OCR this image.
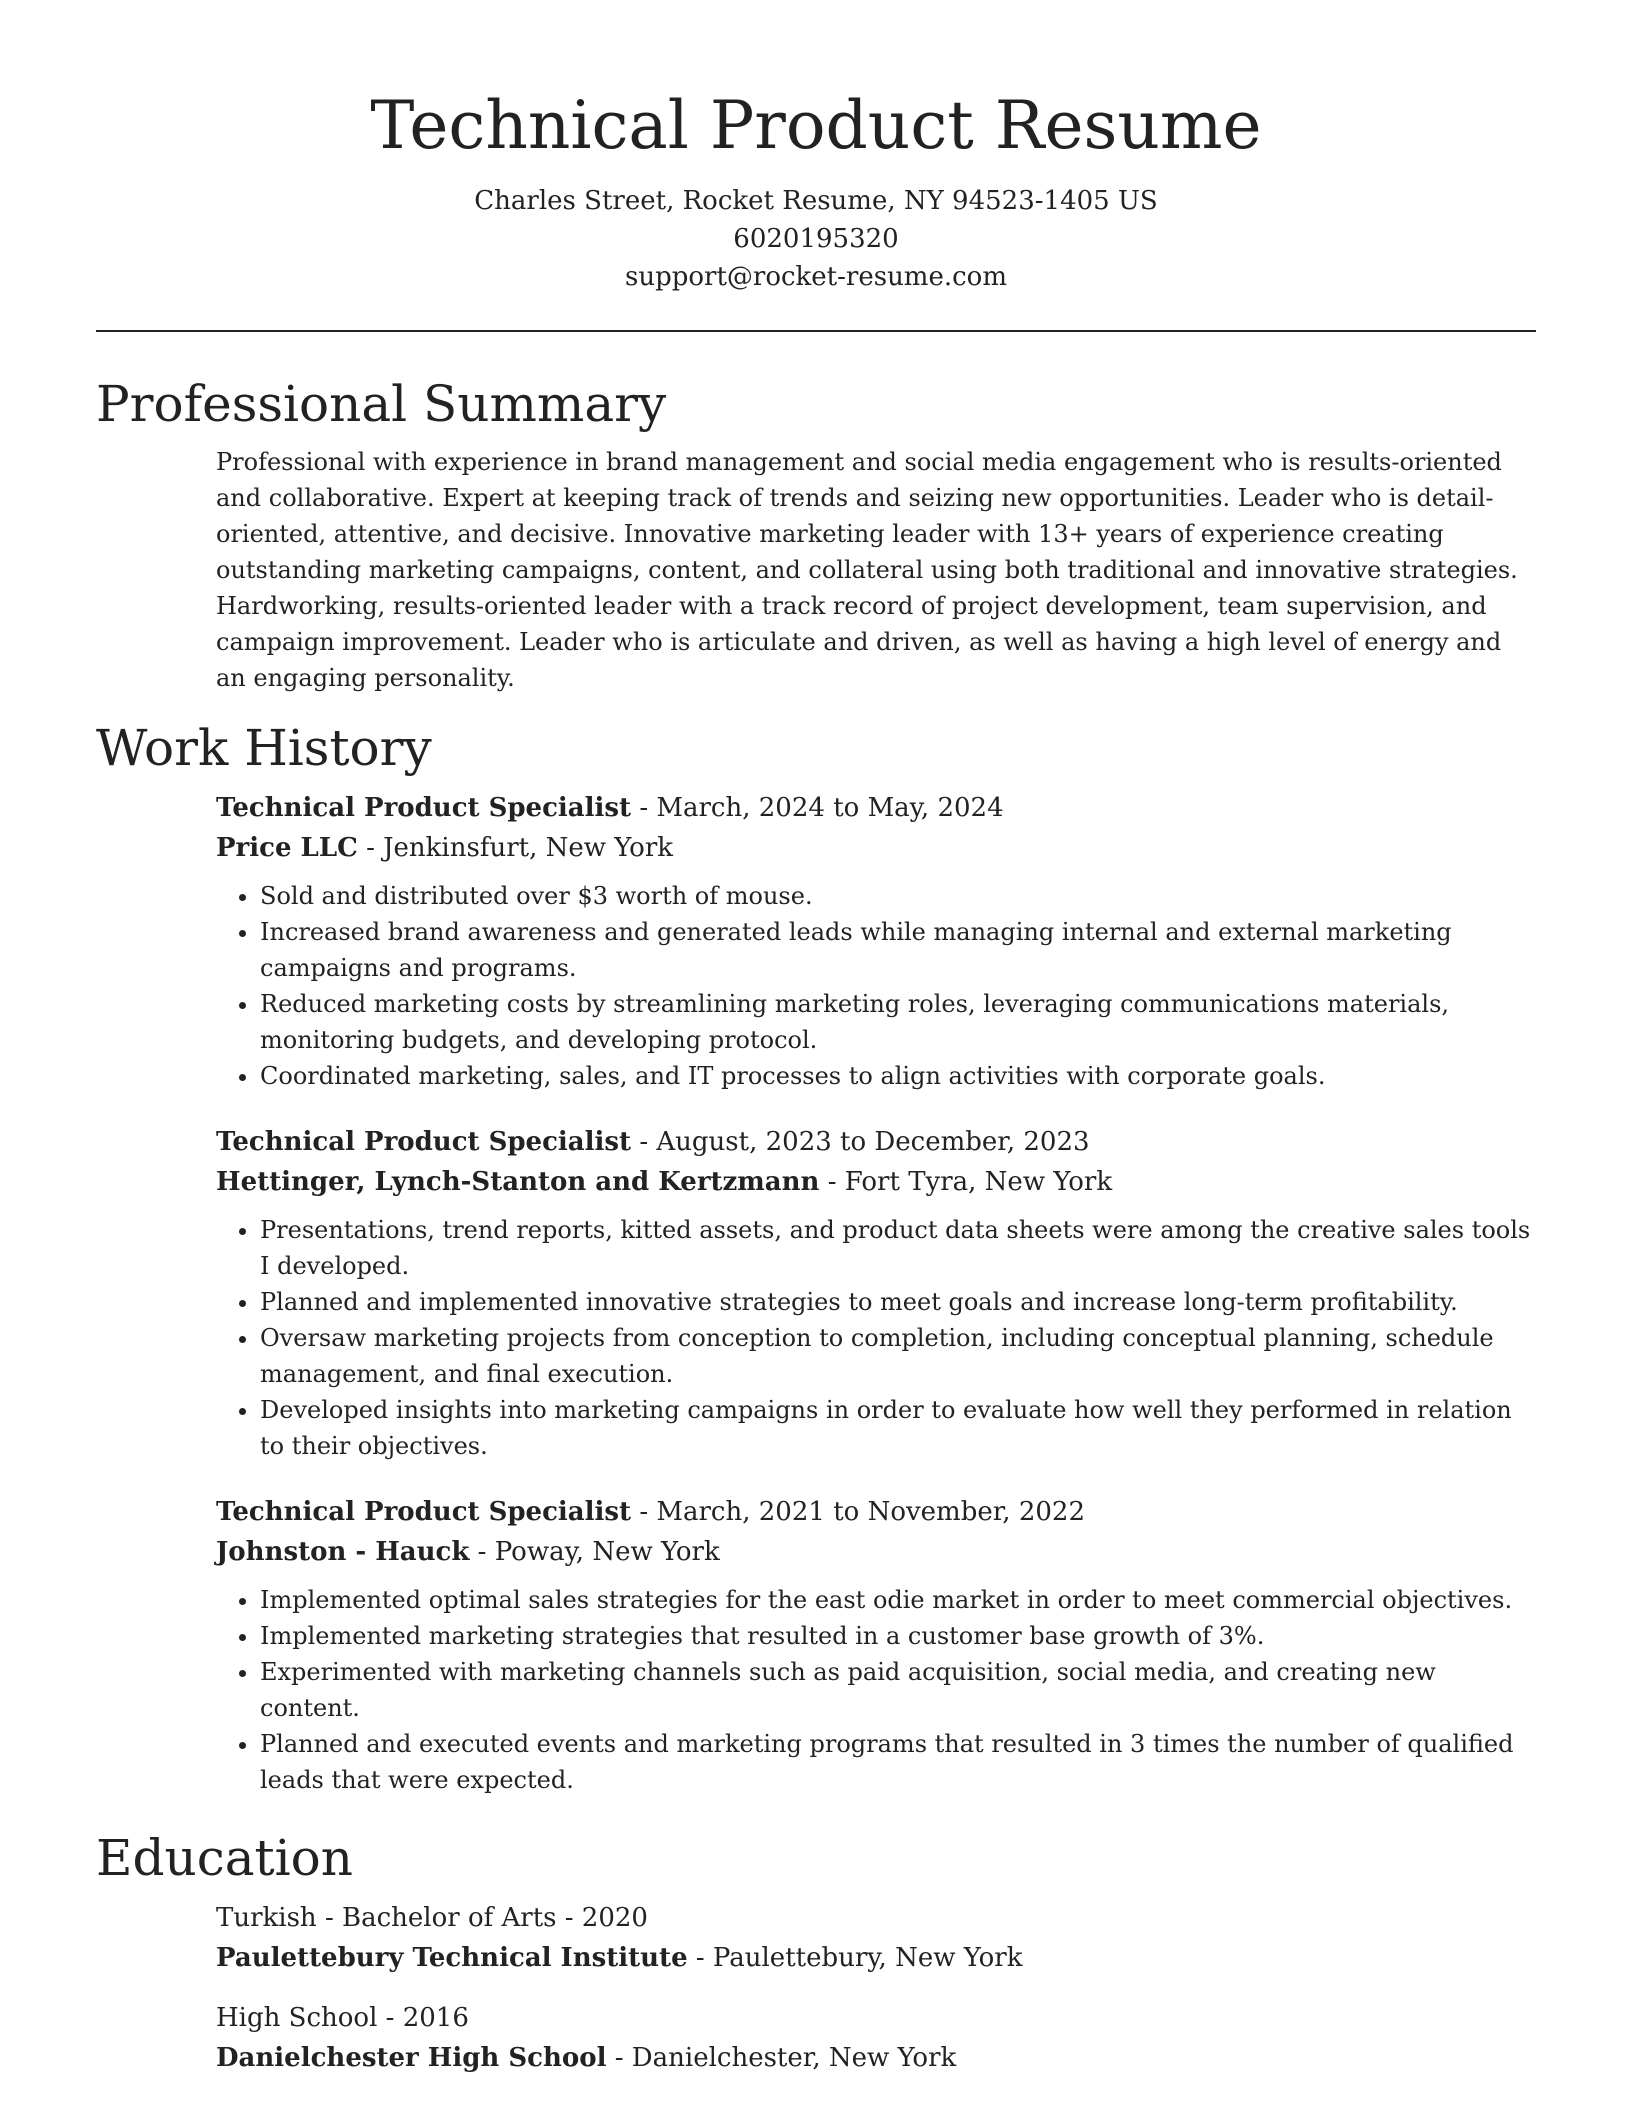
Technical Product Resume
Charles Street, Rocket Resume, NY 94523-1405 US
6020195320
support@rocket-resume.com
Professional Summary

Professional with experience in brand management and social media engagement who is results-oriented and collaborative. Expert at keeping track of trends and seizing new opportunities. Leader who is detail-oriented, attentive, and decisive. Innovative marketing leader with 13+ years of experience creating outstanding marketing campaigns, content, and collateral using both traditional and innovative strategies. Hardworking, results-oriented leader with a track record of project development, team supervision, and campaign improvement. Leader who is articulate and driven, as well as having a high level of energy and an engaging personality.

Work History
Technical Product Specialist - March, 2024 to May, 2024
Price LLC - Jenkinsfurt, New York
• Sold and distributed over $3 worth of mouse.
• Increased brand awareness and generated leads while managing internal and external marketing campaigns and programs.
• Reduced marketing costs by streamlining marketing roles, leveraging communications materials, monitoring budgets, and developing protocol.
• Coordinated marketing, sales, and IT processes to align activities with corporate goals.
Technical Product Specialist - August, 2023 to December, 2023
Hettinger, Lynch-Stanton and Kertzmann - Fort Tyra, New York
• Presentations, trend reports, kitted assets, and product data sheets were among the creative sales tools I developed.
• Planned and implemented innovative strategies to meet goals and increase long-term profitability.
• Oversaw marketing projects from conception to completion, including conceptual planning, schedule management, and final execution.
• Developed insights into marketing campaigns in order to evaluate how well they performed in relation to their objectives.
Technical Product Specialist - March, 2021 to November, 2022
Johnston - Hauck - Poway, New York
• Implemented optimal sales strategies for the east odie market in order to meet commercial objectives.
• Implemented marketing strategies that resulted in a customer base growth of 3%.
• Experimented with marketing channels such as paid acquisition, social media, and creating new content.
• Planned and executed events and marketing programs that resulted in 3 times the number of qualified leads that were expected.
Education
Turkish - Bachelor of Arts - 2020
Paulettebury Technical Institute - Paulettebury, New York
High School - 2016
Danielchester High School - Danielchester, New York
